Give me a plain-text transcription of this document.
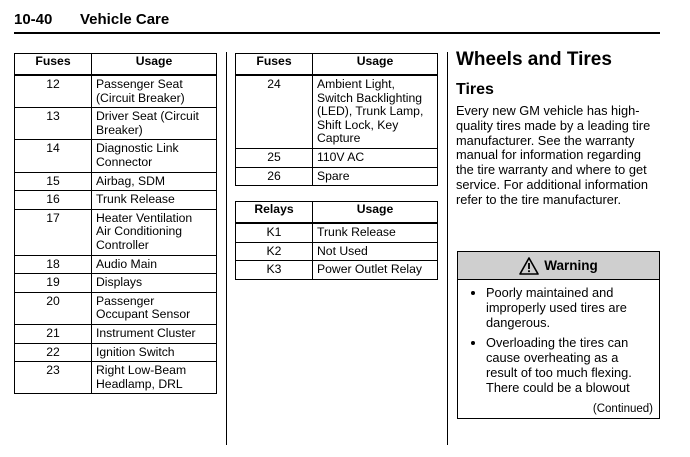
10-40 Vehicle Care
Fuses	Usage
12	Passenger Seat
(Circuit Breaker)
13	Driver Seat (Circuit
Breaker)
14	Diagnostic Link
Connector
15	Airbag, SDM
16	Trunk Release
17	Heater Ventilation
Air Conditioning
Controller
18	Audio Main
19	Displays
20	Passenger
Occupant Sensor
21	Instrument Cluster
22	Ignition Switch
23	Right Low-Beam
Headlamp, DRL
Fuses	Usage
24	Ambient Light,
Switch Backlighting
(LED), Trunk Lamp,
Shift Lock, Key
Capture
25	110V AC
26	Spare
Relays	Usage
K1	Trunk Release
K2	Not Used
K3	Power Outlet Relay
Wheels and Tires
Tires

Every new GM vehicle has high-quality tires made by a leading tire manufacturer. See the warranty manual for information regarding the tire warranty and where to get service. For additional information refer to the tire manufacturer.

Warning
• Poorly maintained and improperly used tires are dangerous.
• Overloading the tires can cause overheating as a result of too much flexing. There could be a blowout
(Continued)
